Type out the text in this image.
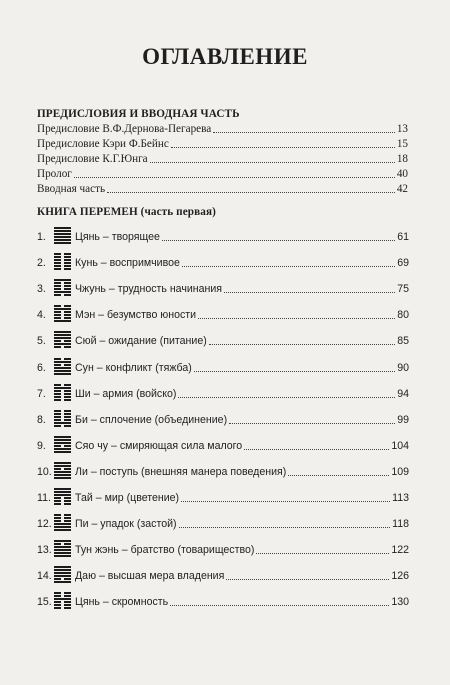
ОГЛАВЛЕНИЕ
ПРЕДИСЛОВИЯ И ВВОДНАЯ ЧАСТЬ
Предисловие В.Ф.Дернова-Пегарева	13
Предисловие Кэри Ф.Бейнс	15
Предисловие К.Г.Юнга	18
Пролог	40
Вводная часть	42
КНИГА ПЕРЕМЕН (часть первая)
1.	Цянь – творящее	61
2.	Кунь – воспримчивое	69
3.	Чжунь – трудность начинания	75
4.	Мэн – безумство юности	80
5.	Сюй – ожидание (питание)	85
6.	Сун – конфликт (тяжба)	90
7.	Ши – армия (войско)	94
8.	Би – сплочение (объединение)	99
9.	Сяо чу – смиряющая сила малого	104
10. Ли – поступь (внешняя манера поведения)	109
11. Тай – мир (цветение)	113
12. Пи – упадок (застой)	118
13. Тун жэнь – братство (товарищество)	122
14. Даю – высшая мера владения	126
15. Цянь – скромность	130
